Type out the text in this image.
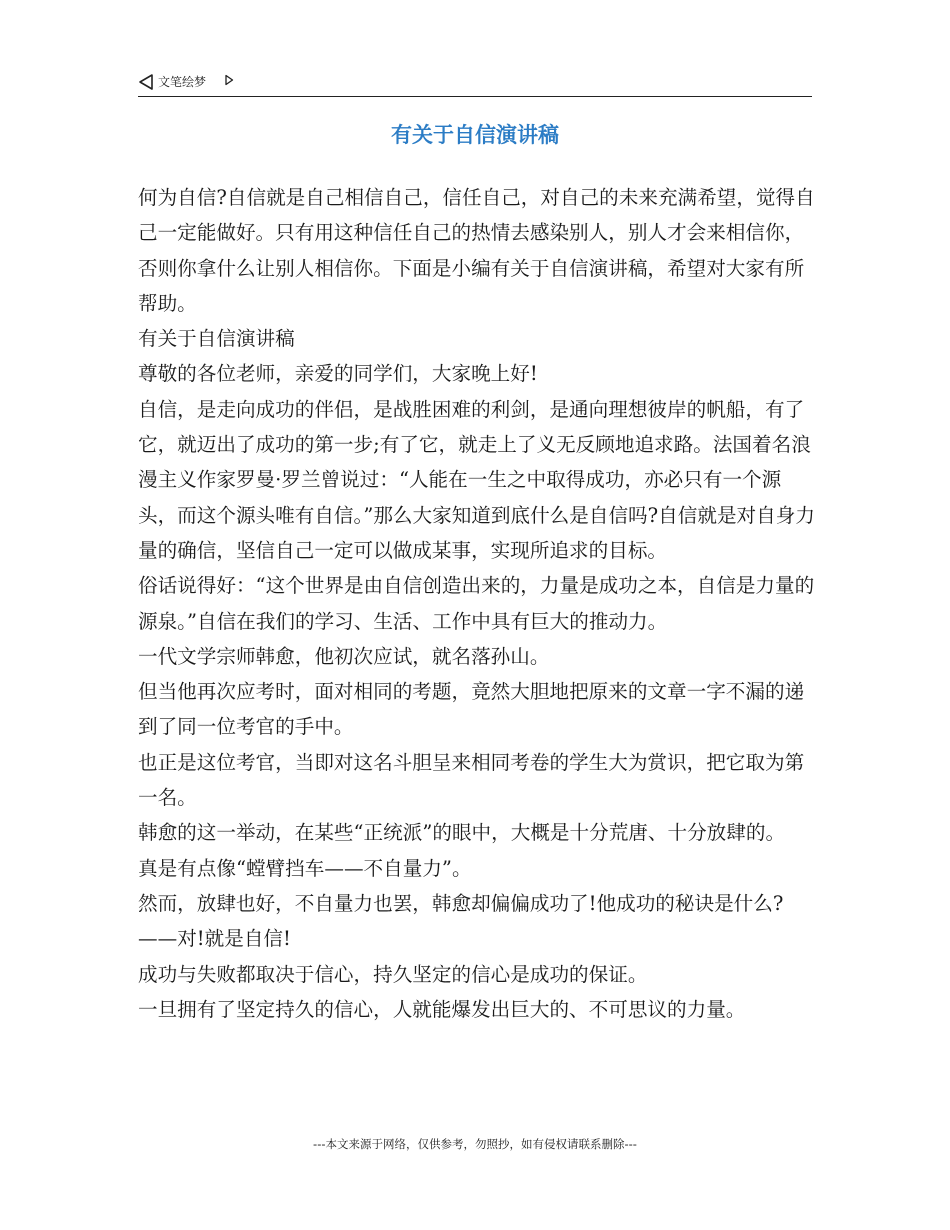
文笔绘梦
有关于自信演讲稿

何为自信?自信就是自己相信自己，信任自己，对自己的未来充满希望，觉得自己一定能做好。只有用这种信任自己的热情去感染别人，别人才会来相信你，否则你拿什么让别人相信你。下面是小编有关于自信演讲稿，希望对大家有所帮助。

有关于自信演讲稿

尊敬的各位老师，亲爱的同学们，大家晚上好!

自信，是走向成功的伴侣，是战胜困难的利剑，是通向理想彼岸的帆船，有了它，就迈出了成功的第一步;有了它，就走上了义无反顾地追求路。法国着名浪漫主义作家罗曼·罗兰曾说过：“人能在一生之中取得成功，亦必只有一个源头，而这个源头唯有自信。”那么大家知道到底什么是自信吗?自信就是对自身力量的确信，坚信自己一定可以做成某事，实现所追求的目标。

俗话说得好：“这个世界是由自信创造出来的，力量是成功之本，自信是力量的源泉。”自信在我们的学习、生活、工作中具有巨大的推动力。

一代文学宗师韩愈，他初次应试，就名落孙山。

但当他再次应考时，面对相同的考题，竟然大胆地把原来的文章一字不漏的递到了同一位考官的手中。

也正是这位考官，当即对这名斗胆呈来相同考卷的学生大为赏识，把它取为第一名。

韩愈的这一举动，在某些“正统派”的眼中，大概是十分荒唐、十分放肆的。

真是有点像“螳臂挡车——不自量力”。

然而，放肆也好，不自量力也罢，韩愈却偏偏成功了!他成功的秘诀是什么?——对!就是自信!

成功与失败都取决于信心，持久坚定的信心是成功的保证。

一旦拥有了坚定持久的信心，人就能爆发出巨大的、不可思议的力量。

---本文来源于网络，仅供参考，勿照抄，如有侵权请联系删除---
